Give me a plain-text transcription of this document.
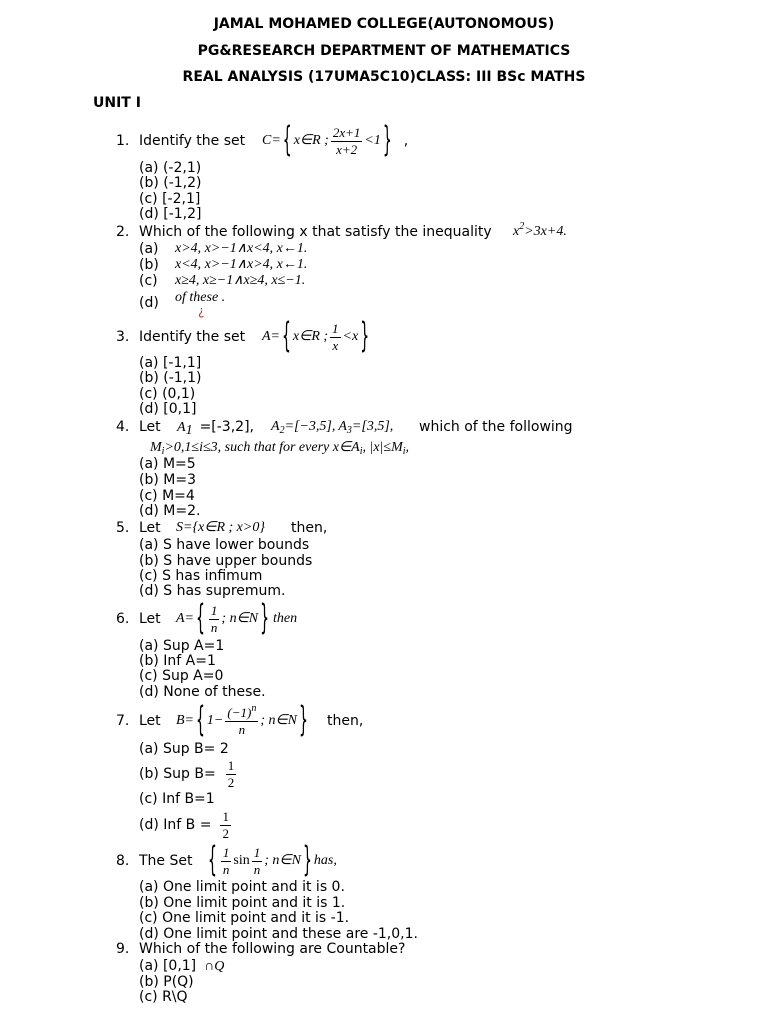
JAMAL MOHAMED COLLEGE(AUTONOMOUS)
PG&RESEARCH DEPARTMENT OF MATHEMATICS
REAL ANALYSIS (17UMA5C10)CLASS: III BSc MATHS
UNIT I
1. Identify the set C= { x∈R ; $\frac{2x+1}{x+2} <1$ } ,
(a) (-2,1)
(b) (-1,2)
(c) [-2,1]
(d) [-1,2]
2. Which of the following x that satisfy the inequality $x^2>3x+4$.
(a) x>4, x>−1∧x<4, x←1.
(b) x<4, x>−1∧x>4, x←1.
(c) x≥4, x≥−1∧x≥4, x≤−1.
(d) of these .
¿
3. Identify the set A= { x∈R ; $\frac{1}{x} <x$ }
(a) [-1,1]
(b) (-1,1)
(c) (0,1)
(d) [0,1]
4. Let $A_1 =[-3,2]$, $A_2=[-3,5]$, $A_3=[3,5]$, which of the following
$M_i>0,1\le i\le 3$, such that for every $x\in A_i$, $|x|\le M_i$,
(a) M=5
(b) M=3
(c) M=4
(d) M=2.
5. Let S={x∈R ; x>0} then,
(a) S have lower bounds
(b) S have upper bounds
(c) S has infimum
(d) S has supremum.
6. Let A= { $\frac{1}{n}$ ; n∈N } then
(a) Sup A=1
(b) Inf A=1
(c) Sup A=0
(d) None of these.
7. Let B= { $1- \frac{(-1)^n}{n}$ ; n∈N } then,
(a) Sup B= 2
(b) Sup $B= \frac{1}{2}$
(c) Inf B=1
(d) Inf $B = \frac{1}{2}$
8. The Set { $\frac{1}{n}$ $\sin \frac{1}{n}$ ; n∈N } has,
(a) One limit point and it is 0.
(b) One limit point and it is 1.
(c) One limit point and it is -1.
(d) One limit point and these are -1,0,1.
9. Which of the following are Countable?
(a) [0,1] ∩Q
(b) P(Q)
(c) R\Q
